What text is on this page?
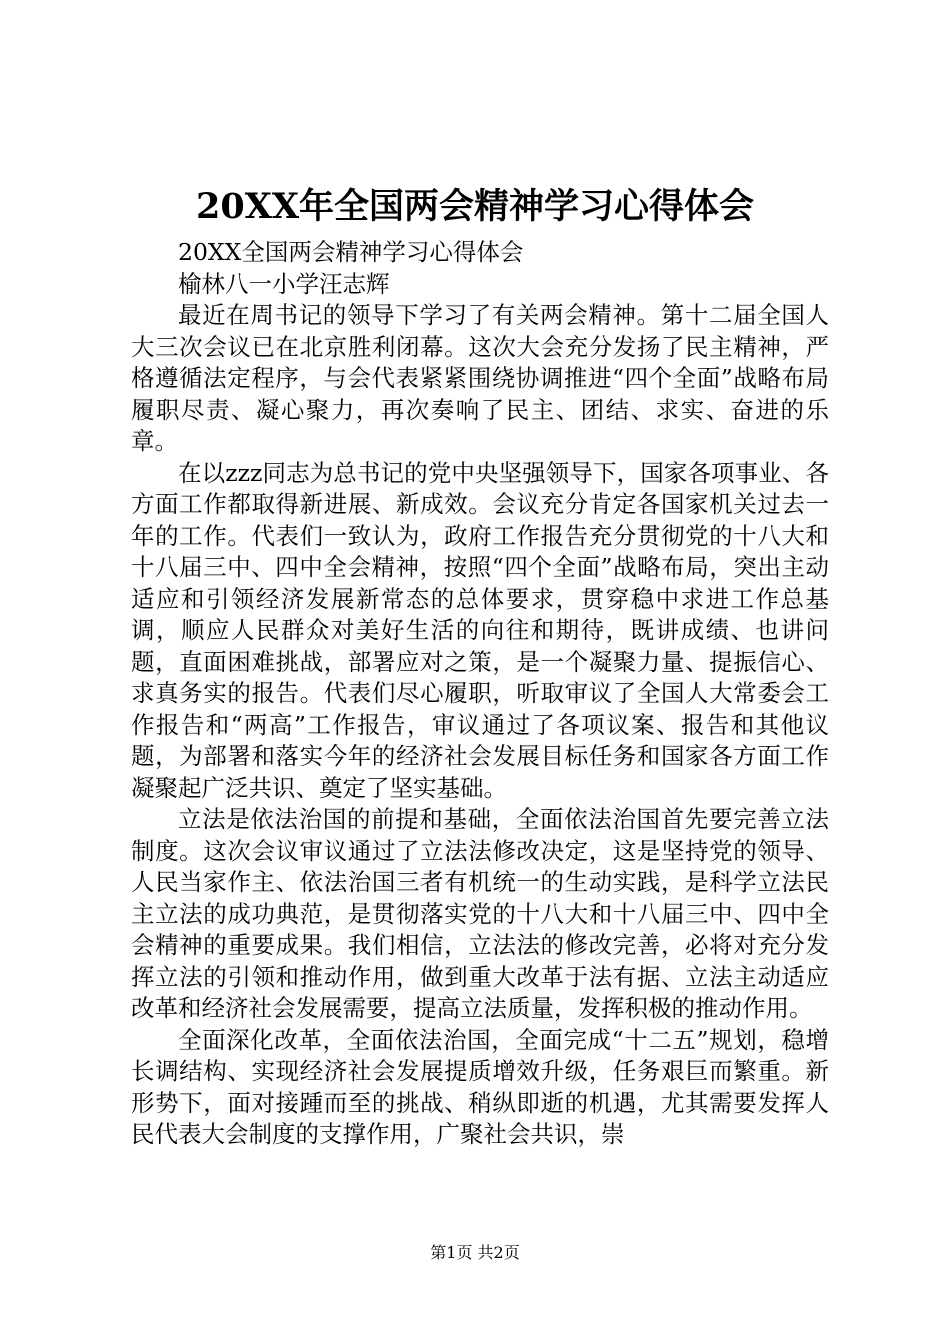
20XX年全国两会精神学习心得体会

20XX全国两会精神学习心得体会

榆林八一小学汪志辉

最近在周书记的领导下学习了有关两会精神。第十二届全国人大三次会议已在北京胜利闭幕。这次大会充分发扬了民主精神，严格遵循法定程序，与会代表紧紧围绕协调推进“四个全面”战略布局履职尽责、凝心聚力，再次奏响了民主、团结、求实、奋进的乐章。

在以zzz同志为总书记的党中央坚强领导下，国家各项事业、各方面工作都取得新进展、新成效。会议充分肯定各国家机关过去一年的工作。代表们一致认为，政府工作报告充分贯彻党的十八大和十八届三中、四中全会精神，按照“四个全面”战略布局，突出主动适应和引领经济发展新常态的总体要求，贯穿稳中求进工作总基调，顺应人民群众对美好生活的向往和期待，既讲成绩、也讲问题，直面困难挑战，部署应对之策，是一个凝聚力量、提振信心、求真务实的报告。代表们尽心履职，听取审议了全国人大常委会工作报告和“两高”工作报告，审议通过了各项议案、报告和其他议题，为部署和落实今年的经济社会发展目标任务和国家各方面工作凝聚起广泛共识、奠定了坚实基础。

立法是依法治国的前提和基础，全面依法治国首先要完善立法制度。这次会议审议通过了立法法修改决定，这是坚持党的领导、人民当家作主、依法治国三者有机统一的生动实践，是科学立法民主立法的成功典范，是贯彻落实党的十八大和十八届三中、四中全会精神的重要成果。我们相信，立法法的修改完善，必将对充分发挥立法的引领和推动作用，做到重大改革于法有据、立法主动适应改革和经济社会发展需要，提高立法质量，发挥积极的推动作用。

全面深化改革，全面依法治国，全面完成“十二五”规划，稳增长调结构、实现经济社会发展提质增效升级，任务艰巨而繁重。新形势下，面对接踵而至的挑战、稍纵即逝的机遇，尤其需要发挥人民代表大会制度的支撑作用，广聚社会共识，崇

第1页 共2页
